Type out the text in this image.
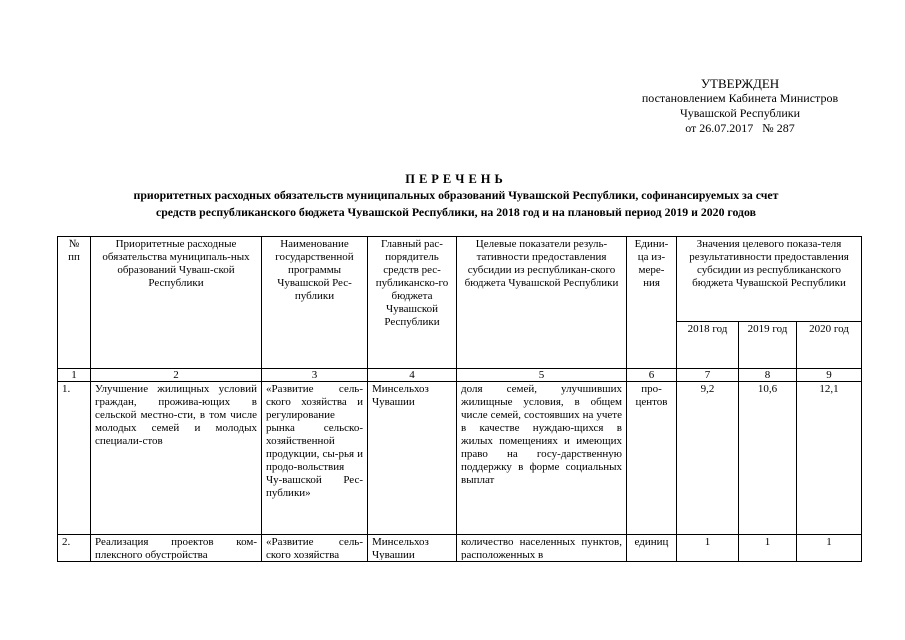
УТВЕРЖДЕН
постановлением Кабинета Министров
Чувашской Республики
от 26.07.2017   № 287
ПЕРЕЧЕНЬ
приоритетных расходных обязательств муниципальных образований Чувашской Республики, софинансируемых за счет
средств республиканского бюджета Чувашской Республики, на 2018 год и на плановый период 2019 и 2020 годов
№ пп	Приоритетные расходные обязательства муниципаль-ных образований Чуваш-ской Республики	Наименование государственной программы Чувашской Рес-публики	Главный рас-порядитель средств рес-публиканско-го бюджета Чувашской Республики	Целевые показатели резуль-тативности предоставления субсидии из республикан-ского бюджета Чувашской Республики	Едини-ца из-мере-ния	Значения целевого показа-теля результативности предоставления субсидии из республиканского бюджета Чувашской Республики		
						2018 год	2019 год	2020 год
1	2	3	4	5	6	7	8	9
1.	Улучшение жилищных условий граждан, прожива-ющих в сельской местно-сти, в том числе молодых семей и молодых специали-стов	«Развитие сель-ского хозяйства и регулирование рынка сельско-хозяйственной продукции, сы-рья и продо-вольствия Чу-вашской Рес-публики»	Минсельхоз Чувашии	доля семей, улучшивших жилищные условия, в общем числе семей, состоявших на учете в качестве нуждаю-щихся в жилых помещениях и имеющих право на госу-дарственную поддержку в форме социальных выплат	про-центов	9,2	10,6	12,1
2.	Реализация проектов ком-плексного обустройства	«Развитие сель-ского хозяйства	Минсельхоз Чувашии	количество населенных пунктов, расположенных в	единиц	1	1	1
